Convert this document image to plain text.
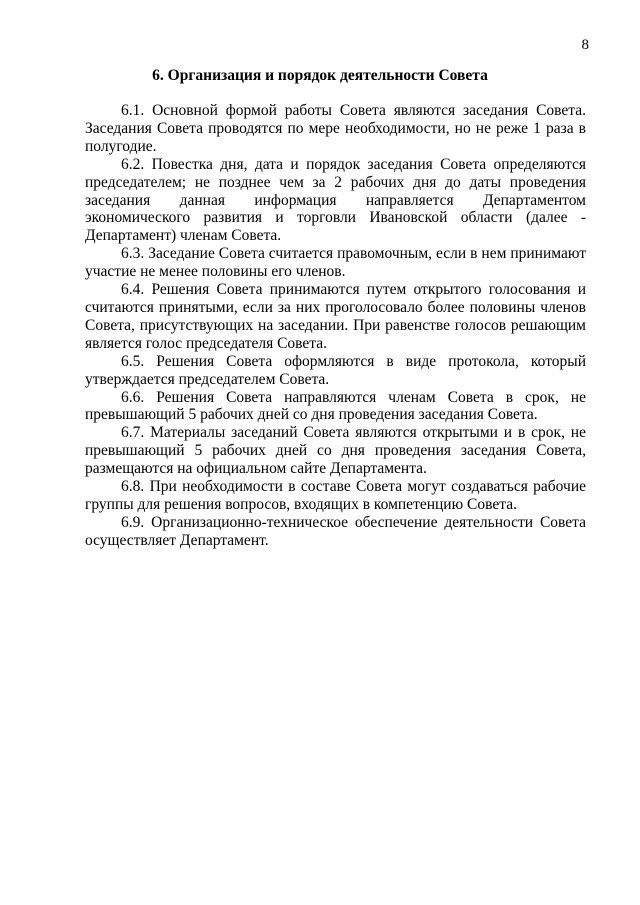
8
6. Организация и порядок деятельности Совета

6.1. Основной формой работы Совета являются заседания Совета. Заседания Совета проводятся по мере необходимости, но не реже 1 раза в полугодие.

6.2. Повестка дня, дата и порядок заседания Совета определяются председателем; не позднее чем за 2 рабочих дня до даты проведения заседания данная информация направляется Департаментом экономического развития и торговли Ивановской области (далее - Департамент) членам Совета.

6.3. Заседание Совета считается правомочным, если в нем принимают участие не менее половины его членов.

6.4. Решения Совета принимаются путем открытого голосования и считаются принятыми, если за них проголосовало более половины членов Совета, присутствующих на заседании. При равенстве голосов решающим является голос председателя Совета.

6.5. Решения Совета оформляются в виде протокола, который утверждается председателем Совета.

6.6. Решения Совета направляются членам Совета в срок, не превышающий 5 рабочих дней со дня проведения заседания Совета.

6.7. Материалы заседаний Совета являются открытыми и в срок, не превышающий 5 рабочих дней со дня проведения заседания Совета, размещаются на официальном сайте Департамента.

6.8. При необходимости в составе Совета могут создаваться рабочие группы для решения вопросов, входящих в компетенцию Совета.

6.9. Организационно-техническое обеспечение деятельности Совета осуществляет Департамент.
